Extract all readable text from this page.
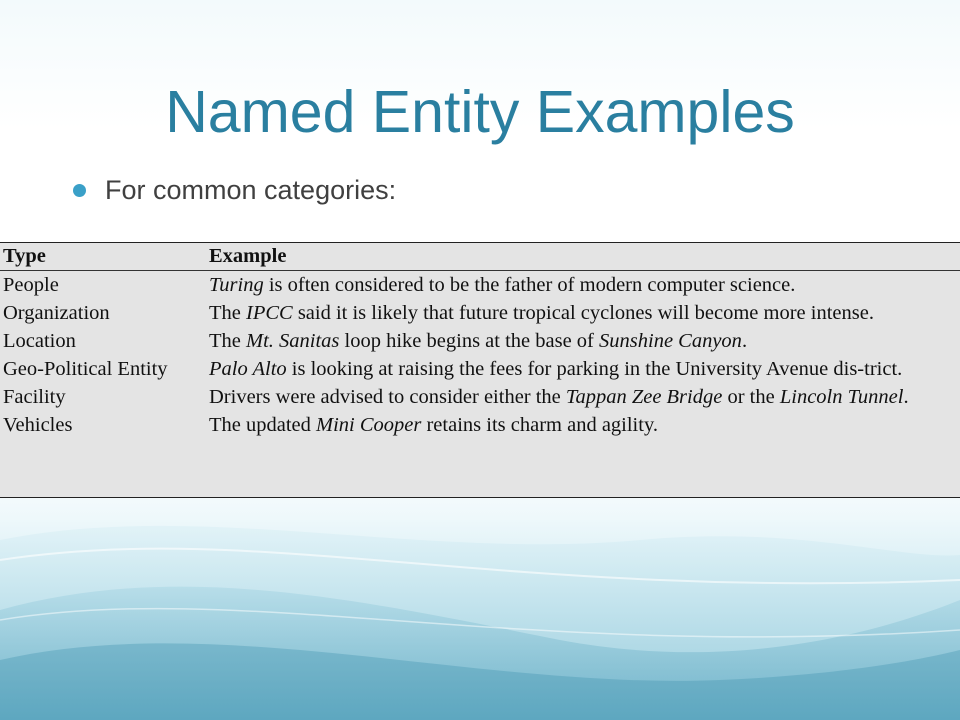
Named Entity Examples
For common categories:
Type	Example
People	Turing is often considered to be the father of modern computer science.
Organization	The IPCC said it is likely that future tropical cyclones will become more intense.
Location	The Mt. Sanitas loop hike begins at the base of Sunshine Canyon.
Geo-Political Entity	Palo Alto is looking at raising the fees for parking in the University Avenue dis-trict.
Facility	Drivers were advised to consider either the Tappan Zee Bridge or the Lincoln Tunnel.
Vehicles	The updated Mini Cooper retains its charm and agility.
